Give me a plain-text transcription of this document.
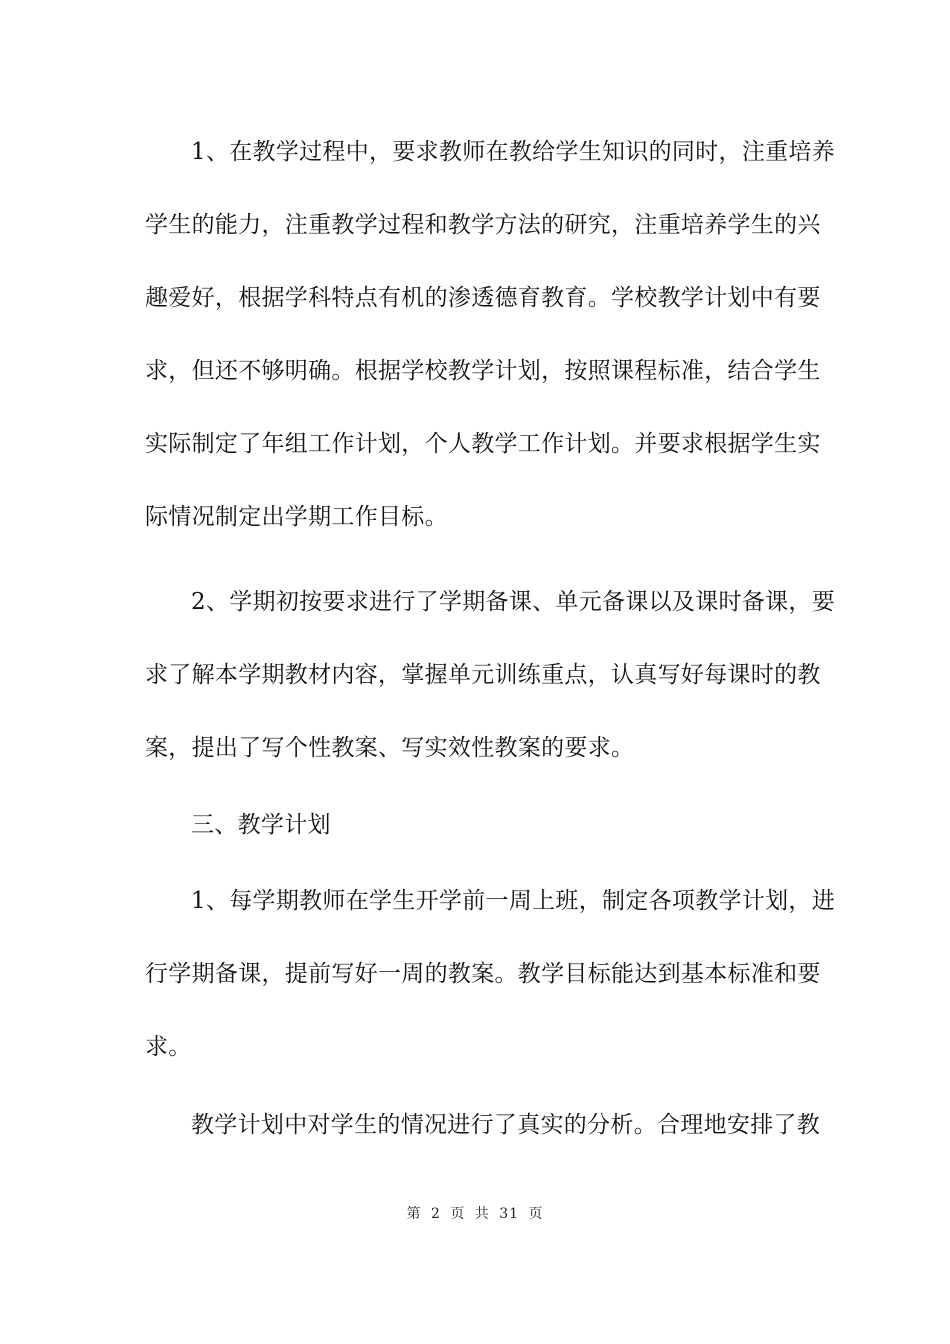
1、在教学过程中，要求教师在教给学生知识的同时，注重培养
学生的能力，注重教学过程和教学方法的研究，注重培养学生的兴
趣爱好，根据学科特点有机的渗透德育教育。学校教学计划中有要
求，但还不够明确。根据学校教学计划，按照课程标准，结合学生
实际制定了年组工作计划，个人教学工作计划。并要求根据学生实
际情况制定出学期工作目标。
2、学期初按要求进行了学期备课、单元备课以及课时备课，要
求了解本学期教材内容，掌握单元训练重点，认真写好每课时的教
案，提出了写个性教案、写实效性教案的要求。
三、教学计划
1、每学期教师在学生开学前一周上班，制定各项教学计划，进
行学期备课，提前写好一周的教案。教学目标能达到基本标准和要
求。
教学计划中对学生的情况进行了真实的分析。合理地安排了教
第 2 页 共 31 页
